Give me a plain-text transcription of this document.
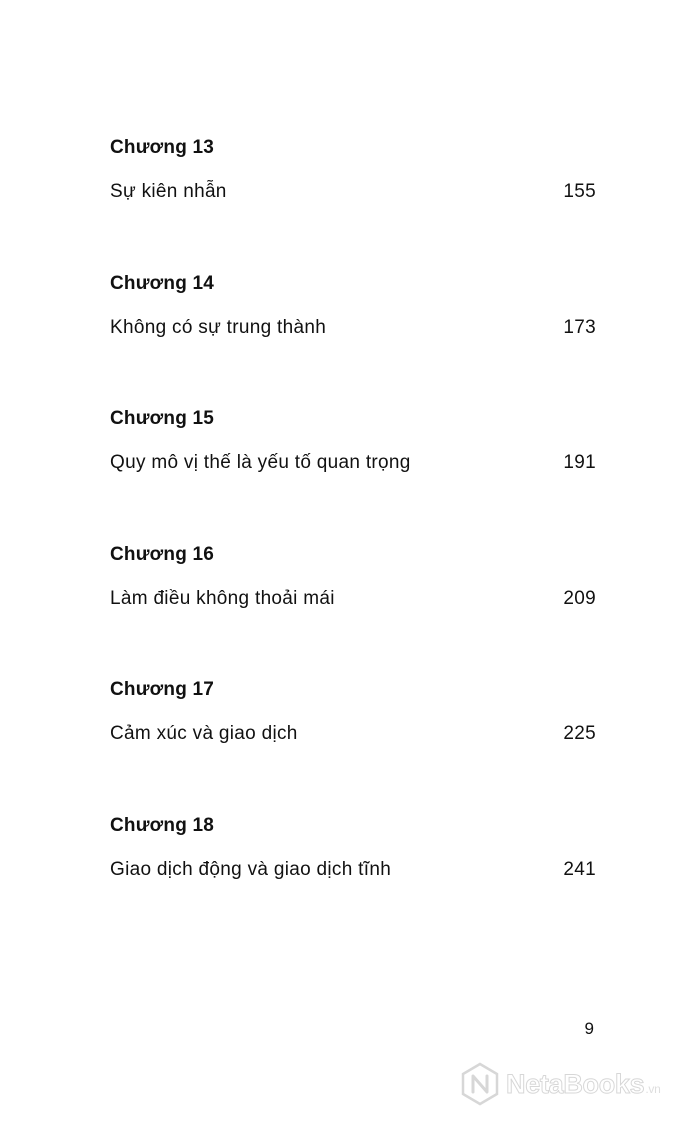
Chương 13
Sự kiên nhẫn	155
Chương 14
Không có sự trung thành	173
Chương 15
Quy mô vị thế là yếu tố quan trọng	191
Chương 16
Làm điều không thoải mái	209
Chương 17
Cảm xúc và giao dịch	225
Chương 18
Giao dịch động và giao dịch tĩnh	241
9
NetaBooks.vn
